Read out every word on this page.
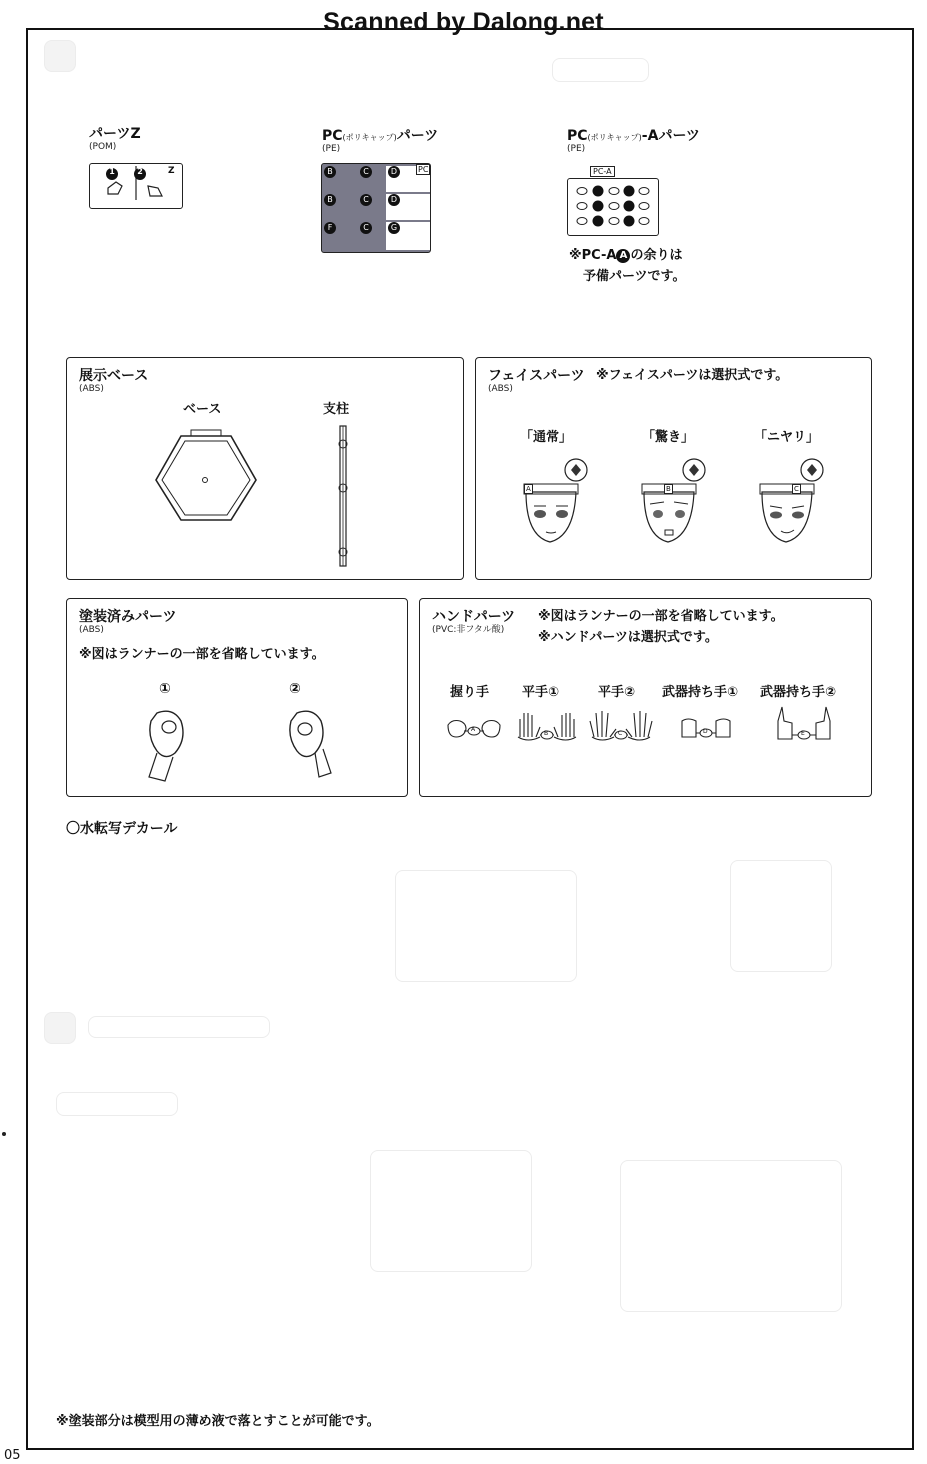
Scanned by Dalong.net
パーツZ
(POM)
1	2	Z
PC(ポリキャップ)パーツ
(PE)
B	C	D
B	C	D
F	C	G
PC
PC(ポリキャップ)-Aパーツ
(PE)
PC-A
※PC-A A の余りは
予備パーツです。
展示ベース
(ABS)
ベース	支柱
フェイスパーツ ※フェイスパーツは選択式です。
(ABS)
「通常」	「驚き」	「ニヤリ」
A	B	C
塗装済みパーツ
(ABS)
※図はランナーの一部を省略しています。
①	②
ハンドパーツ
(PVC:非フタル酸)
※図はランナーの一部を省略しています。
※ハンドパーツは選択式です。
握り手	平手①	平手② 武器持ち手① 武器持ち手②
A
B	C	D	E
〇水転写デカール
※塗装部分は模型用の薄め液で落とすことが可能です。
05
